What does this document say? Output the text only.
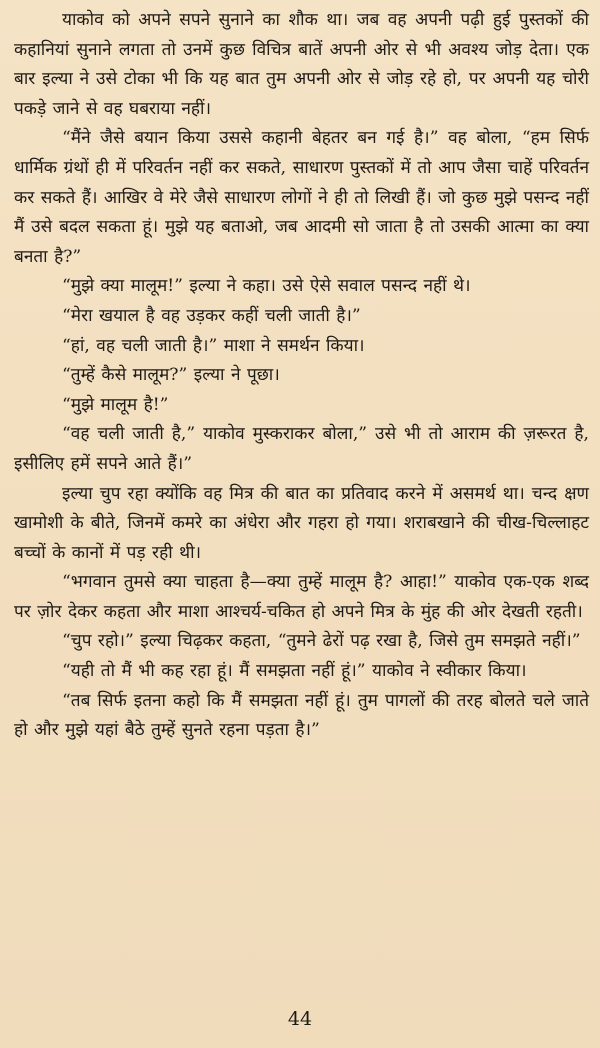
याकोव को अपने सपने सुनाने का शौक था। जब वह अपनी पढ़ी हुई पुस्तकों की कहानियां सुनाने लगता तो उनमें कुछ विचित्र बातें अपनी ओर से भी अवश्य जोड़ देता। एक बार इल्या ने उसे टोका भी कि यह बात तुम अपनी ओर से जोड़ रहे हो, पर अपनी यह चोरी पकड़े जाने से वह घबराया नहीं।

“मैंने जैसे बयान किया उससे कहानी बेहतर बन गई है।” वह बोला, “हम सिर्फ धार्मिक ग्रंथों ही में परिवर्तन नहीं कर सकते, साधारण पुस्तकों में तो आप जैसा चाहें परिवर्तन कर सकते हैं। आखिर वे मेरे जैसे साधारण लोगों ने ही तो लिखी हैं। जो कुछ मुझे पसन्द नहीं मैं उसे बदल सकता हूं। मुझे यह बताओ, जब आदमी सो जाता है तो उसकी आत्मा का क्या बनता है?”

“मुझे क्या मालूम!” इल्या ने कहा। उसे ऐसे सवाल पसन्द नहीं थे।

“मेरा खयाल है वह उड़कर कहीं चली जाती है।”

“हां, वह चली जाती है।” माशा ने समर्थन किया।

“तुम्हें कैसे मालूम?” इल्या ने पूछा।

“मुझे मालूम है!”

“वह चली जाती है,” याकोव मुस्कराकर बोला,” उसे भी तो आराम की ज़रूरत है, इसीलिए हमें सपने आते हैं।”

इल्या चुप रहा क्योंकि वह मित्र की बात का प्रतिवाद करने में असमर्थ था। चन्द क्षण खामोशी के बीते, जिनमें कमरे का अंधेरा और गहरा हो गया। शराबखाने की चीख-चिल्लाहट बच्चों के कानों में पड़ रही थी।

“भगवान तुमसे क्या चाहता है—क्या तुम्हें मालूम है? आहा!” याकोव एक-एक शब्द पर ज़ोर देकर कहता और माशा आश्चर्य-चकित हो अपने मित्र के मुंह की ओर देखती रहती।

“चुप रहो।” इल्या चिढ़कर कहता, “तुमने ढेरों पढ़ रखा है, जिसे तुम समझते नहीं।”

“यही तो मैं भी कह रहा हूं। मैं समझता नहीं हूं।” याकोव ने स्वीकार किया।

“तब सिर्फ इतना कहो कि मैं समझता नहीं हूं। तुम पागलों की तरह बोलते चले जाते हो और मुझे यहां बैठे तुम्हें सुनते रहना पड़ता है।”

44
